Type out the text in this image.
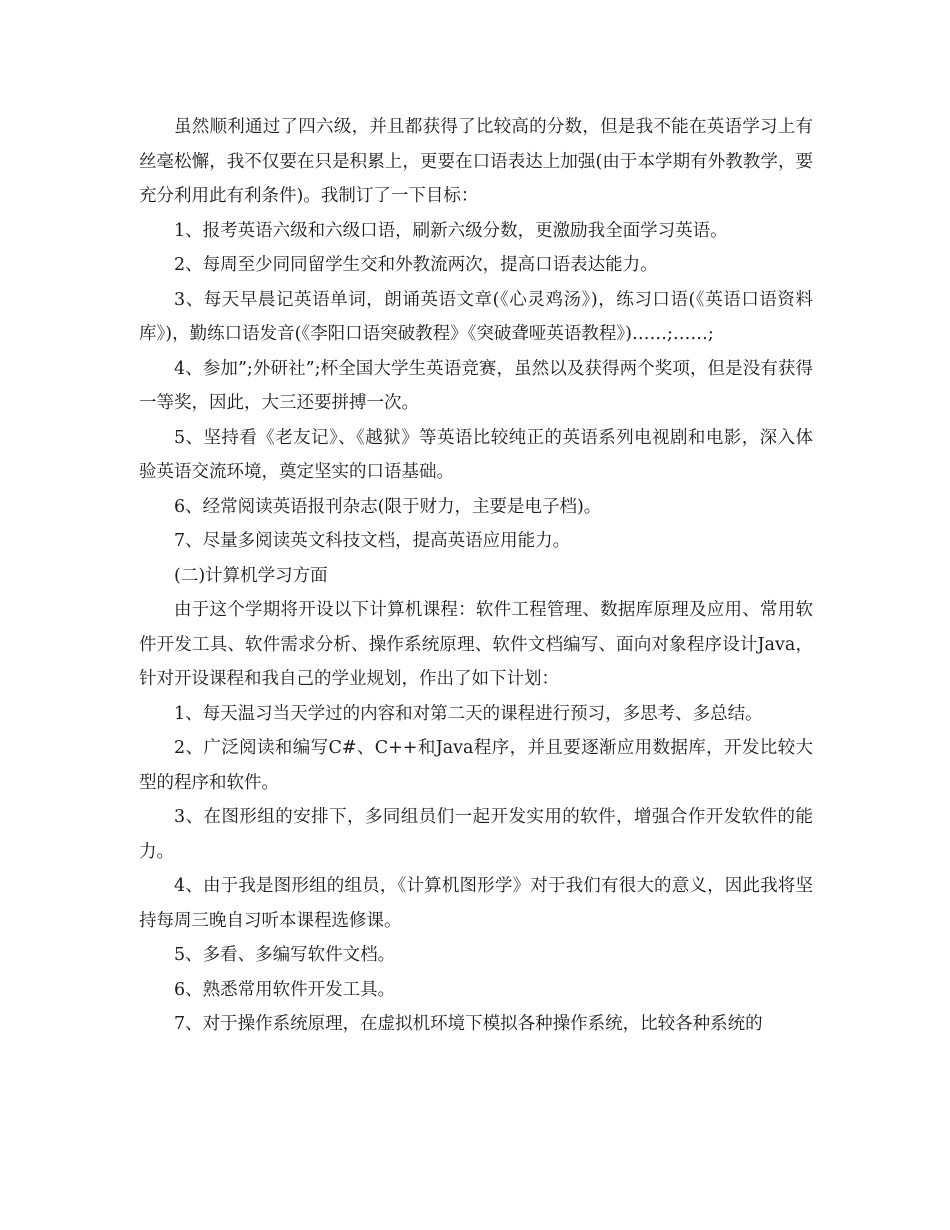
虽然顺利通过了四六级，并且都获得了比较高的分数，但是我不能在英语学习上有丝毫松懈，我不仅要在只是积累上，更要在口语表达上加强(由于本学期有外教教学，要充分利用此有利条件)。我制订了一下目标：

1、报考英语六级和六级口语，刷新六级分数，更激励我全面学习英语。

2、每周至少同同留学生交和外教流两次，提高口语表达能力。

3、每天早晨记英语单词，朗诵英语文章(《心灵鸡汤》)，练习口语(《英语口语资料库》)，勤练口语发音(《李阳口语突破教程》《突破聋哑英语教程》)……;……;

4、参加”;外研社”;杯全国大学生英语竞赛，虽然以及获得两个奖项，但是没有获得一等奖，因此，大三还要拼搏一次。

5、坚持看《老友记》、《越狱》等英语比较纯正的英语系列电视剧和电影，深入体验英语交流环境，奠定坚实的口语基础。

6、经常阅读英语报刊杂志(限于财力，主要是电子档)。

7、尽量多阅读英文科技文档，提高英语应用能力。

(二)计算机学习方面

由于这个学期将开设以下计算机课程：软件工程管理、数据库原理及应用、常用软件开发工具、软件需求分析、操作系统原理、软件文档编写、面向对象程序设计Java，针对开设课程和我自己的学业规划，作出了如下计划：

1、每天温习当天学过的内容和对第二天的课程进行预习，多思考、多总结。

2、广泛阅读和编写C#、C++和Java程序，并且要逐渐应用数据库，开发比较大型的程序和软件。

3、在图形组的安排下，多同组员们一起开发实用的软件，增强合作开发软件的能力。

4、由于我是图形组的组员，《计算机图形学》对于我们有很大的意义，因此我将坚持每周三晚自习听本课程选修课。

5、多看、多编写软件文档。

6、熟悉常用软件开发工具。

7、对于操作系统原理，在虚拟机环境下模拟各种操作系统，比较各种系统的
